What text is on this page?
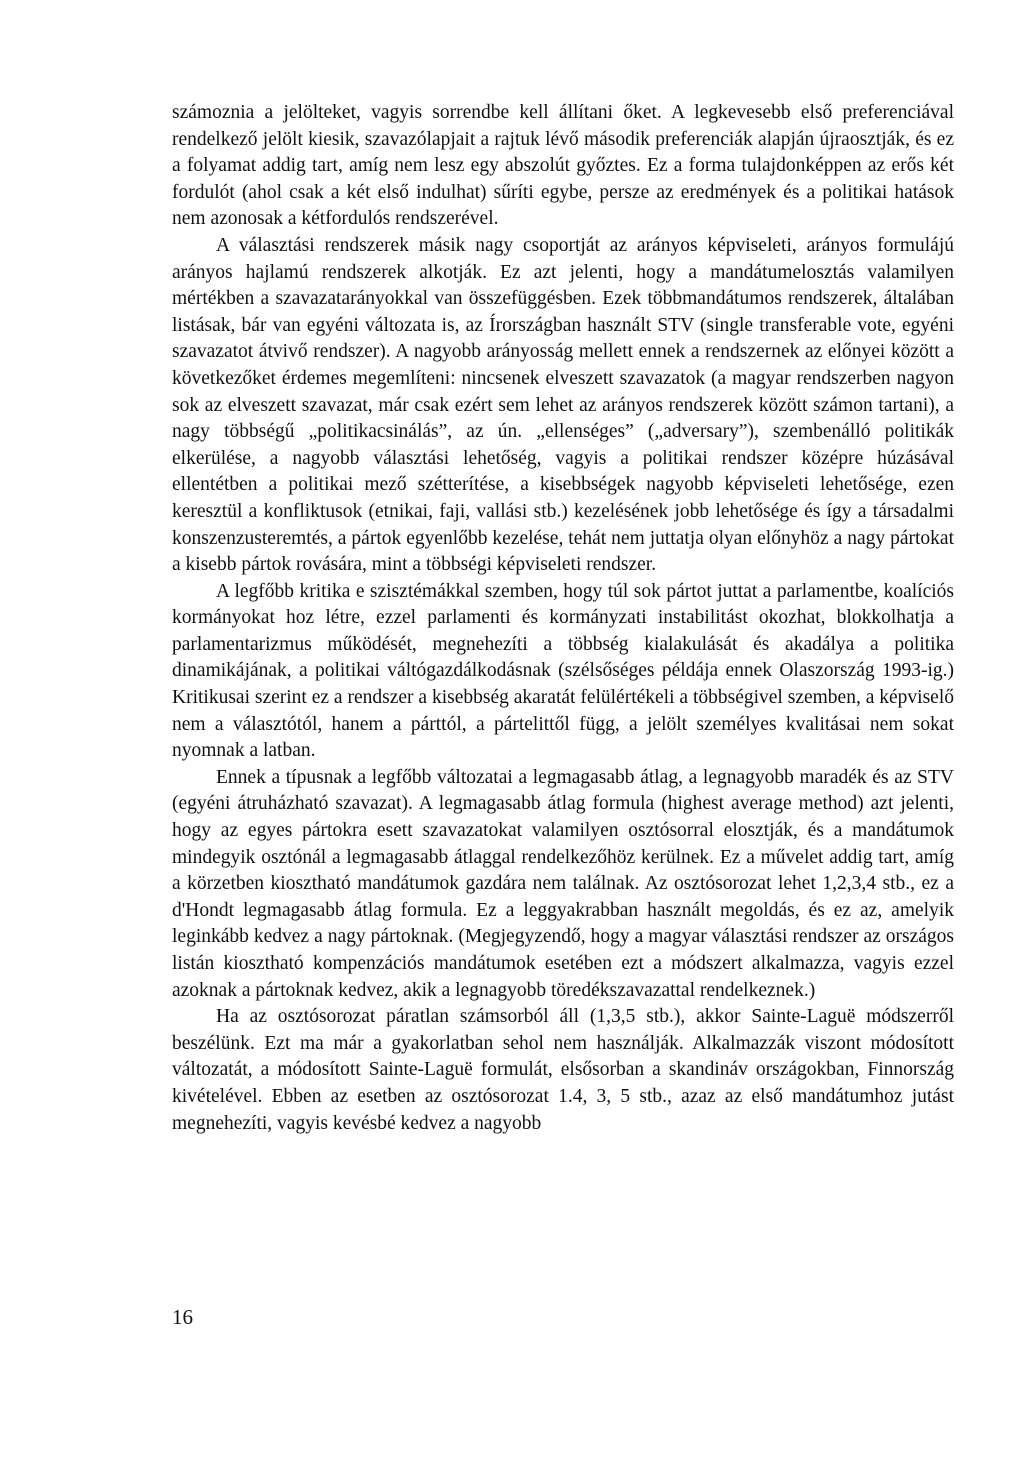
számoznia a jelölteket, vagyis sorrendbe kell állítani őket. A legkevesebb első preferenciával rendelkező jelölt kiesik, szavazólapjait a rajtuk lévő második preferenciák alapján újraosztják, és ez a folyamat addig tart, amíg nem lesz egy abszolút győztes. Ez a forma tulajdonképpen az erős két fordulót (ahol csak a két első indulhat) sűríti egybe, persze az eredmények és a politikai hatások nem azonosak a kétfordulós rendszerével.

A választási rendszerek másik nagy csoportját az arányos képviseleti, arányos formulájú arányos hajlamú rendszerek alkotják. Ez azt jelenti, hogy a mandátumelosztás valamilyen mértékben a szavazatarányokkal van összefüggésben. Ezek többmandátumos rendszerek, általában listásak, bár van egyéni változata is, az Írországban használt STV (single transferable vote, egyéni szavazatot átvivő rendszer). A nagyobb arányosság mellett ennek a rendszernek az előnyei között a következőket érdemes megemlíteni: nincsenek elveszett szavazatok (a magyar rendszerben nagyon sok az elveszett szavazat, már csak ezért sem lehet az arányos rendszerek között számon tartani), a nagy többségű „politikacsinálás”, az ún. „ellenséges” („adversary”), szembenálló politikák elkerülése, a nagyobb választási lehetőség, vagyis a politikai rendszer középre húzásával ellentétben a politikai mező szétterítése, a kisebbségek nagyobb képviseleti lehetősége, ezen keresztül a konfliktusok (etnikai, faji, vallási stb.) kezelésének jobb lehetősége és így a társadalmi konszenzusteremtés, a pártok egyenlőbb kezelése, tehát nem juttatja olyan előnyhöz a nagy pártokat a kisebb pártok rovására, mint a többségi képviseleti rendszer.

A legfőbb kritika e szisztémákkal szemben, hogy túl sok pártot juttat a parlamentbe, koalíciós kormányokat hoz létre, ezzel parlamenti és kormányzati instabilitást okozhat, blokkolhatja a parlamentarizmus működését, megnehezíti a többség kialakulását és akadálya a politika dinamikájának, a politikai váltógazdálkodásnak (szélsőséges példája ennek Olaszország 1993-ig.) Kritikusai szerint ez a rendszer a kisebbség akaratát felülértékeli a többségivel szemben, a képviselő nem a választótól, hanem a párttól, a pártelittől függ, a jelölt személyes kvalitásai nem sokat nyomnak a latban.

Ennek a típusnak a legfőbb változatai a legmagasabb átlag, a legnagyobb maradék és az STV (egyéni átruházható szavazat). A legmagasabb átlag formula (highest average method) azt jelenti, hogy az egyes pártokra esett szavazatokat valamilyen osztósorral elosztják, és a mandátumok mindegyik osztónál a legmagasabb átlaggal rendelkezőhöz kerülnek. Ez a művelet addig tart, amíg a körzetben kiosztható mandátumok gazdára nem találnak. Az osztósorozat lehet 1,2,3,4 stb., ez a d'Hondt legmagasabb átlag formula. Ez a leggyakrabban használt megoldás, és ez az, amelyik leginkább kedvez a nagy pártoknak. (Megjegyzendő, hogy a magyar választási rendszer az országos listán kiosztható kompenzációs mandátumok esetében ezt a módszert alkalmazza, vagyis ezzel azoknak a pártoknak kedvez, akik a legnagyobb töredékszavazattal rendelkeznek.)

Ha az osztósorozat páratlan számsorból áll (1,3,5 stb.), akkor Sainte-Laguë módszerről beszélünk. Ezt ma már a gyakorlatban sehol nem használják. Alkalmazzák viszont módosított változatát, a módosított Sainte-Laguë formulát, elsősorban a skandináv országokban, Finnország kivételével. Ebben az esetben az osztósorozat 1.4, 3, 5 stb., azaz az első mandátumhoz jutást megnehezíti, vagyis kevésbé kedvez a nagyobb

16
